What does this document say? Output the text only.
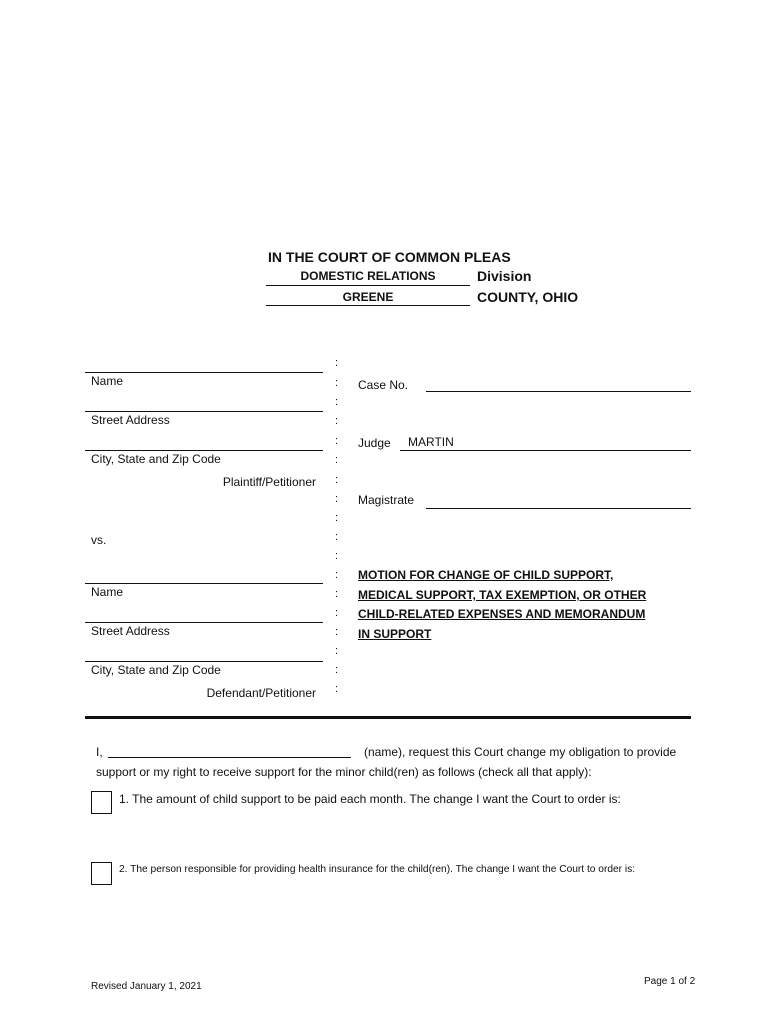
IN THE COURT OF COMMON PLEAS
DOMESTIC RELATIONS	Division
GREENE	COUNTY, OHIO
Name
Street Address
City, State and Zip Code
Plaintiff/Petitioner
vs.
Name
Street Address
City, State and Zip Code
Defendant/Petitioner
:
:
:
:
:
:
:
:
:
:
:
:
:
:
:
:
:
:
Case No.
Judge MARTIN
Magistrate
MOTION FOR CHANGE OF CHILD SUPPORT,
MEDICAL SUPPORT, TAX EXEMPTION, OR OTHER
CHILD-RELATED EXPENSES AND MEMORANDUM
IN SUPPORT
I,	(name), request this Court change my obligation to provide
support or my right to receive support for the minor child(ren) as follows (check all that apply):
1. The amount of child support to be paid each month. The change I want the Court to order is:
2. The person responsible for providing health insurance for the child(ren). The change I want the Court to order is:
Revised January 1, 2021	Page 1 of 2
